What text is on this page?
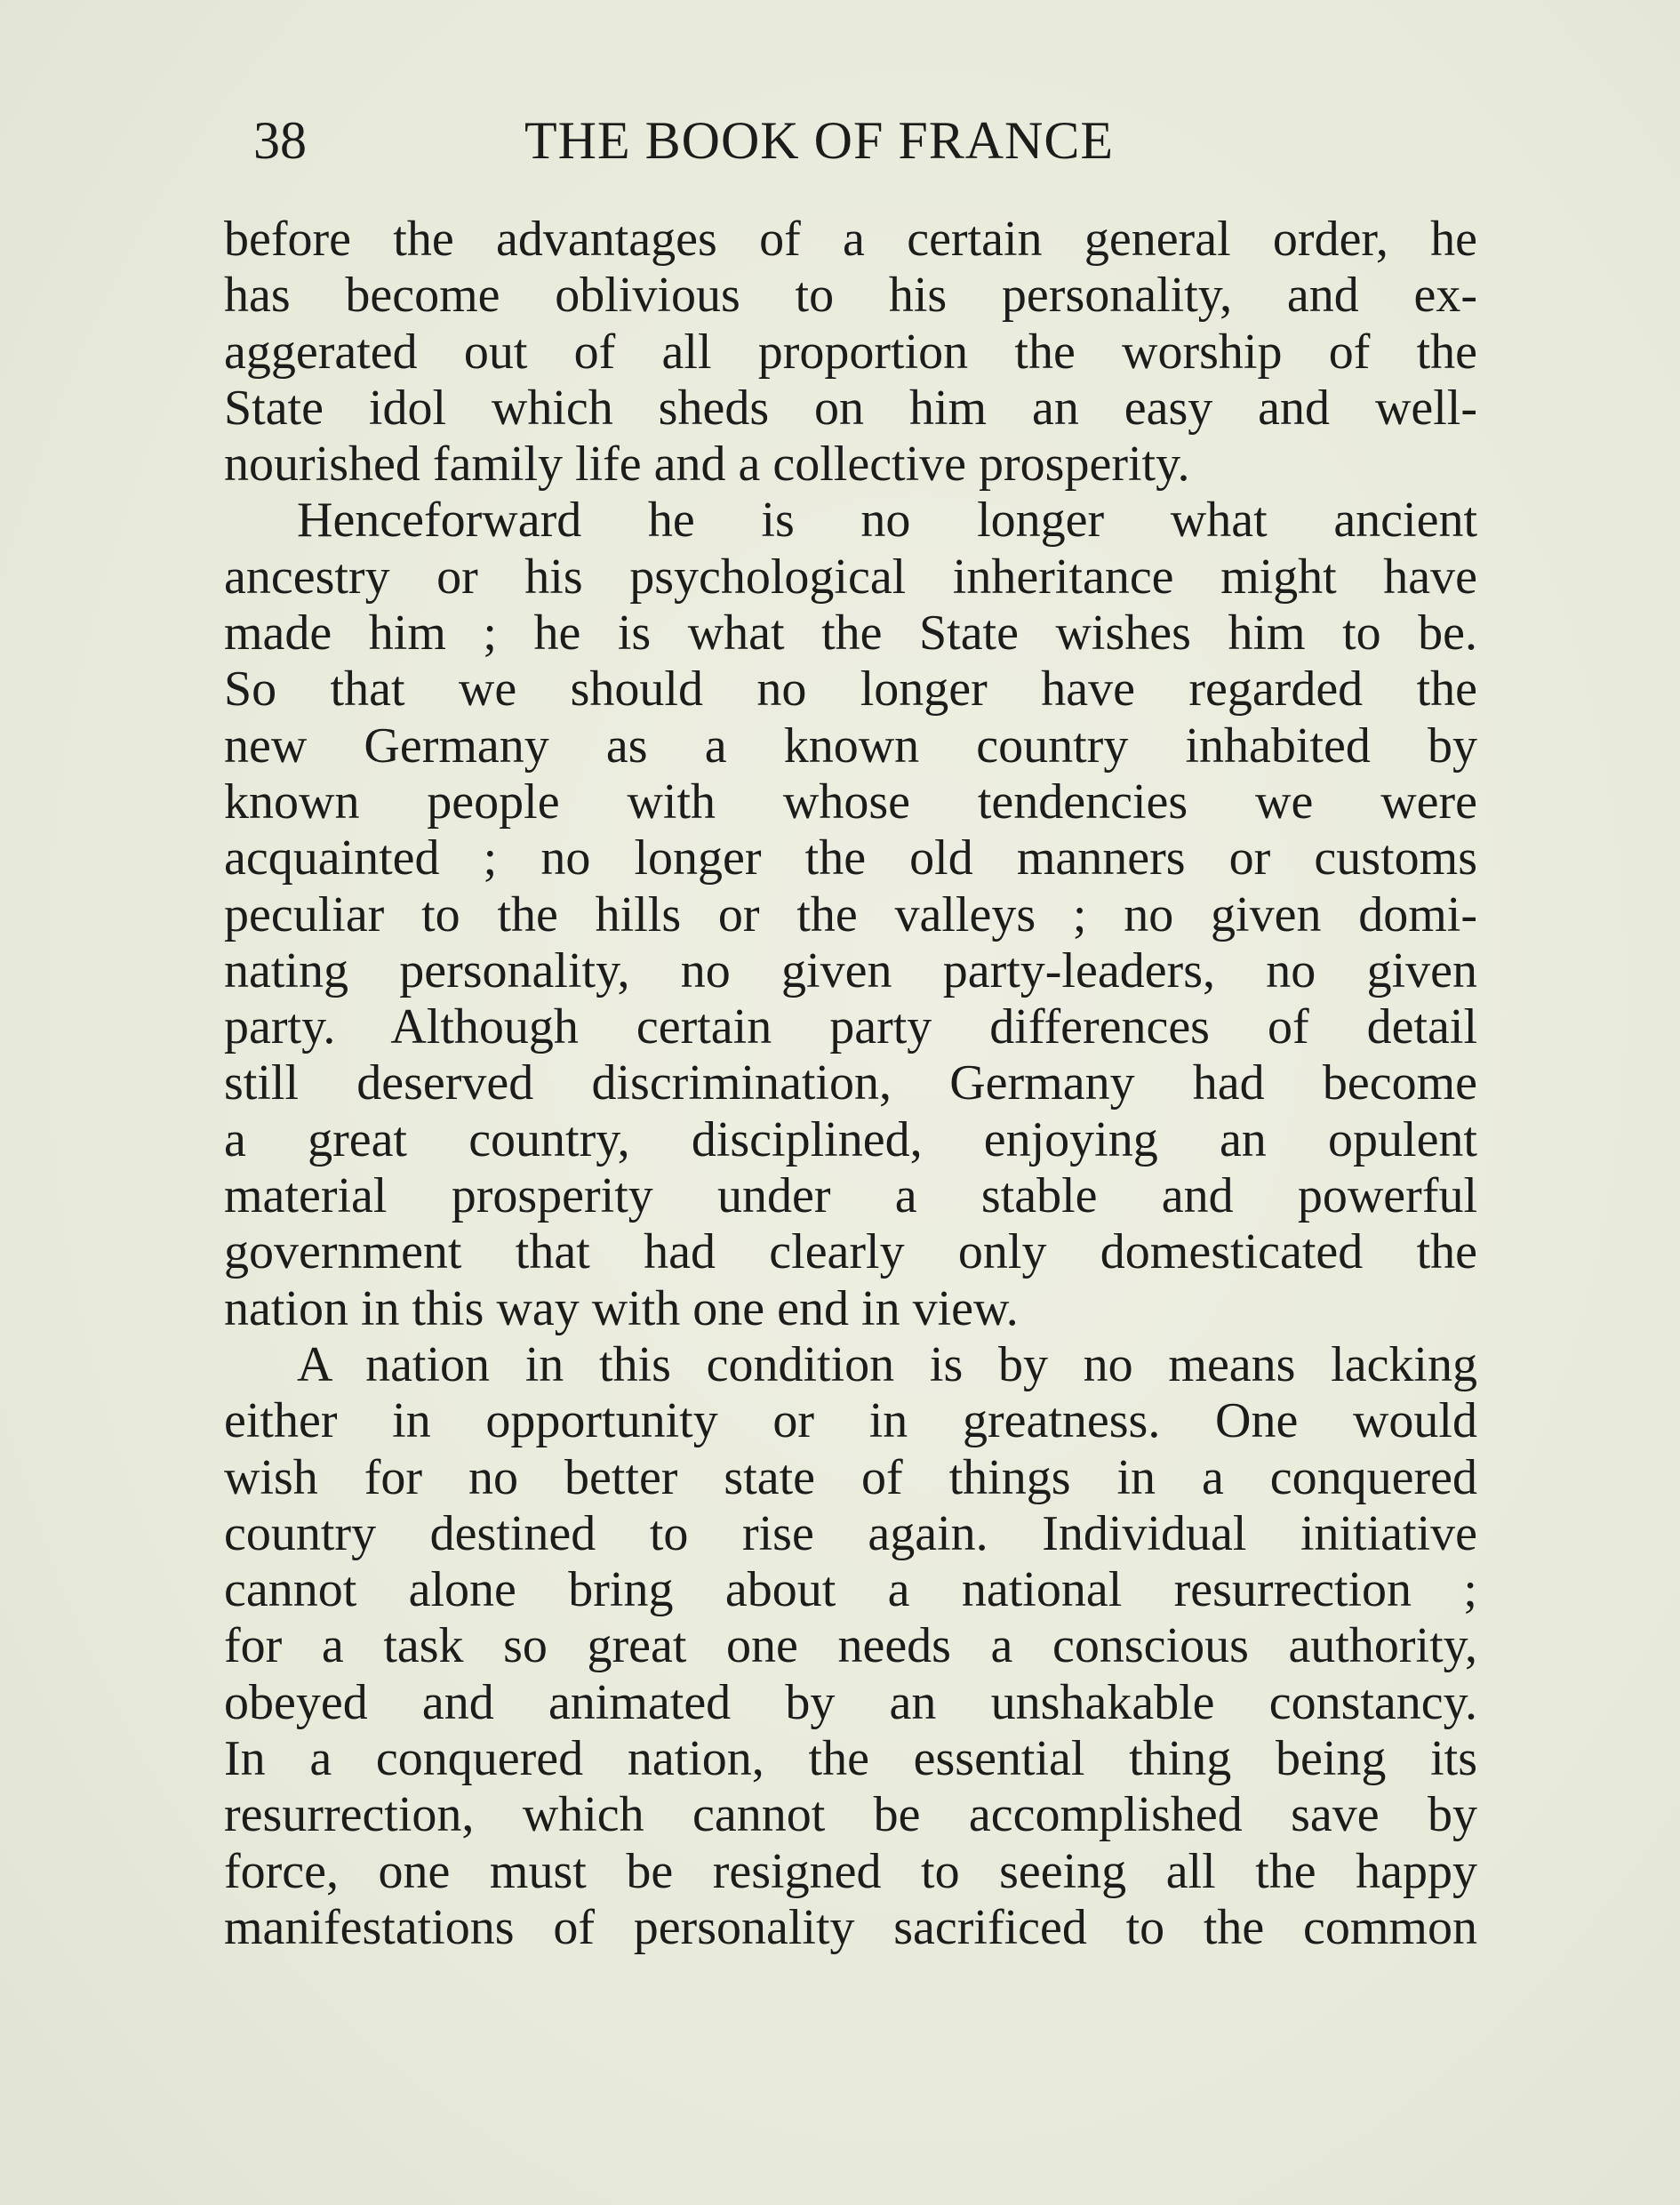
38	THE BOOK OF FRANCE
before the advantages of a certain general order, he
has become oblivious to his personality, and ex-
aggerated out of all proportion the worship of the
State idol which sheds on him an easy and well-
nourished family life and a collective prosperity.
Henceforward he is no longer what ancient
ancestry or his psychological inheritance might have
made him ; he is what the State wishes him to be.
So that we should no longer have regarded the
new Germany as a known country inhabited by
known people with whose tendencies we were
acquainted ; no longer the old manners or customs
peculiar to the hills or the valleys ; no given domi-
nating personality, no given party-leaders, no given
party. Although certain party differences of detail
still deserved discrimination, Germany had become
a great country, disciplined, enjoying an opulent
material prosperity under a stable and powerful
government that had clearly only domesticated the
nation in this way with one end in view.
A nation in this condition is by no means lacking
either in opportunity or in greatness. One would
wish for no better state of things in a conquered
country destined to rise again. Individual initiative
cannot alone bring about a national resurrection ;
for a task so great one needs a conscious authority,
obeyed and animated by an unshakable constancy.
In a conquered nation, the essential thing being its
resurrection, which cannot be accomplished save by
force, one must be resigned to seeing all the happy
manifestations of personality sacrificed to the common
